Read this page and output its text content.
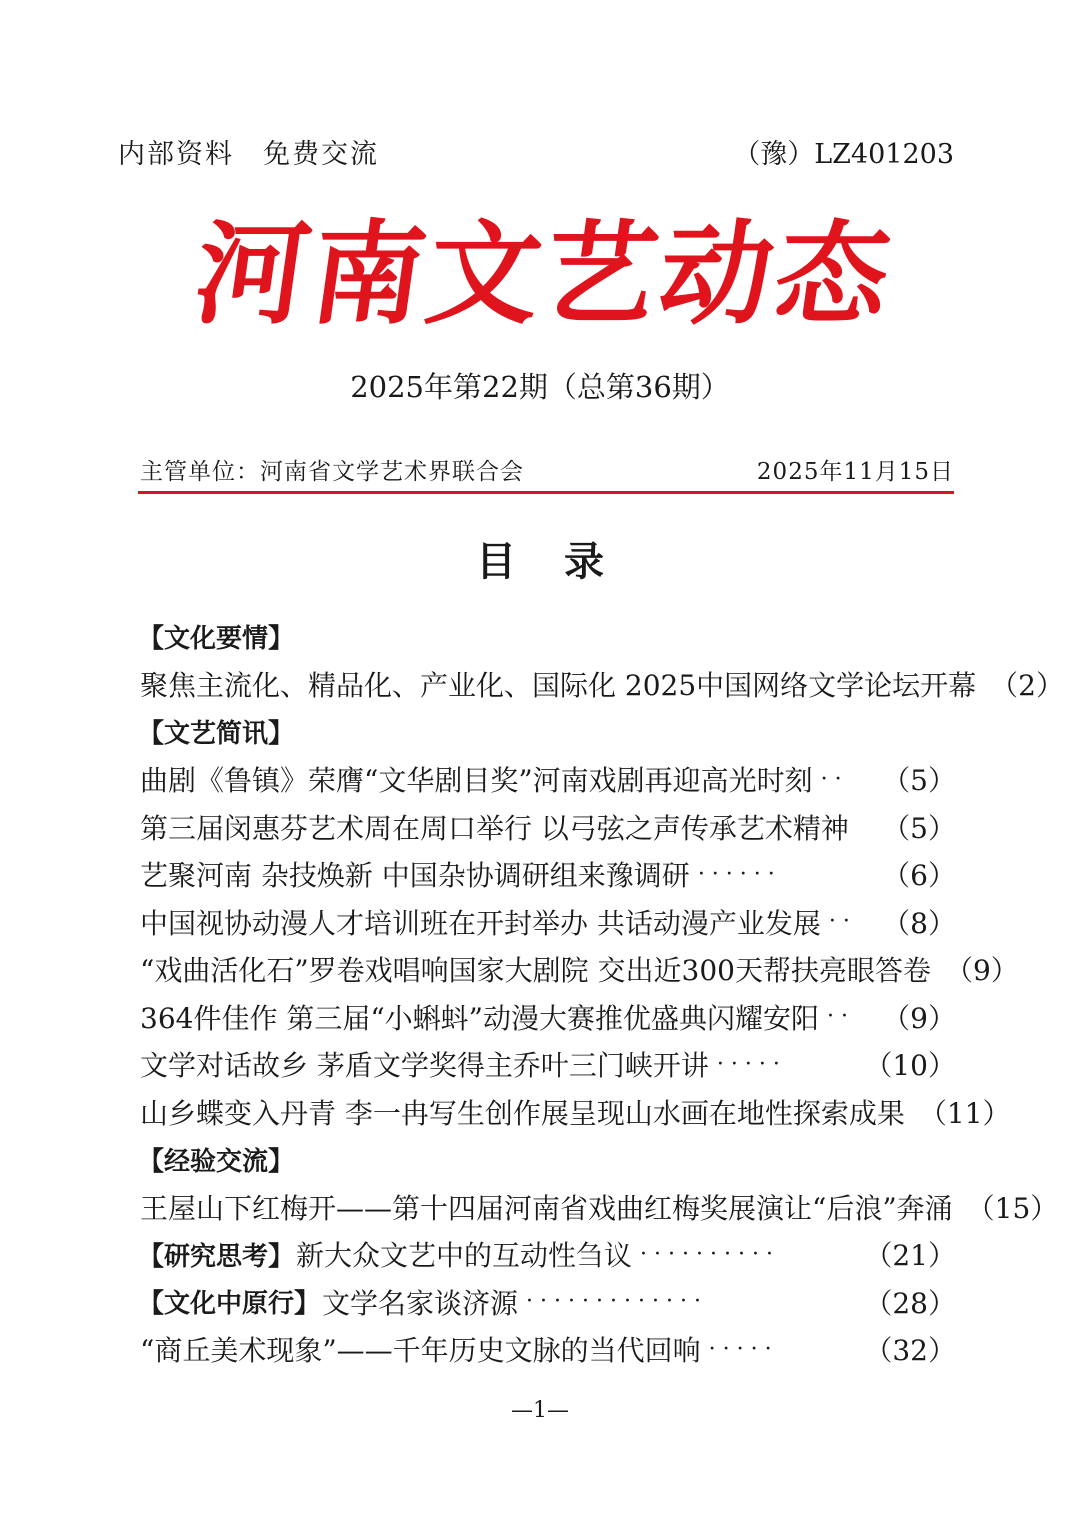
内部资料　免费交流	（豫）LZ401203
河南文艺动态
2025年第22期（总第36期）
主管单位：河南省文学艺术界联合会	2025年11月15日
目录
【文化要情】
聚焦主流化、精品化、产业化、国际化 2025中国网络文学论坛开幕 （2）
【文艺简讯】
曲剧《鲁镇》荣膺“文华剧目奖”河南戏剧再迎高光时刻 ··	（5）
第三届闵惠芬艺术周在周口举行 以弓弦之声传承艺术精神 （5）
艺聚河南 杂技焕新 中国杂协调研组来豫调研 ······	（6）
中国视协动漫人才培训班在开封举办 共话动漫产业发展 ·· （8）
“戏曲活化石”罗卷戏唱响国家大剧院 交出近300天帮扶亮眼答卷 （9）
364件佳作 第三届“小蝌蚪”动漫大赛推优盛典闪耀安阳 ·· （9）
文学对话故乡 茅盾文学奖得主乔叶三门峡开讲 ·····	（10）
山乡蝶变入丹青 李一冉写生创作展呈现山水画在地性探索成果 （11）
【经验交流】
王屋山下红梅开——第十四届河南省戏曲红梅奖展演让“后浪”奔涌 （15）
【研究思考】 新大众文艺中的互动性刍议 ··········	（21）
【文化中原行】 文学名家谈济源 ·············	（28）
“商丘美术现象”——千年历史文脉的当代回响 ·····	（32）
—1—
